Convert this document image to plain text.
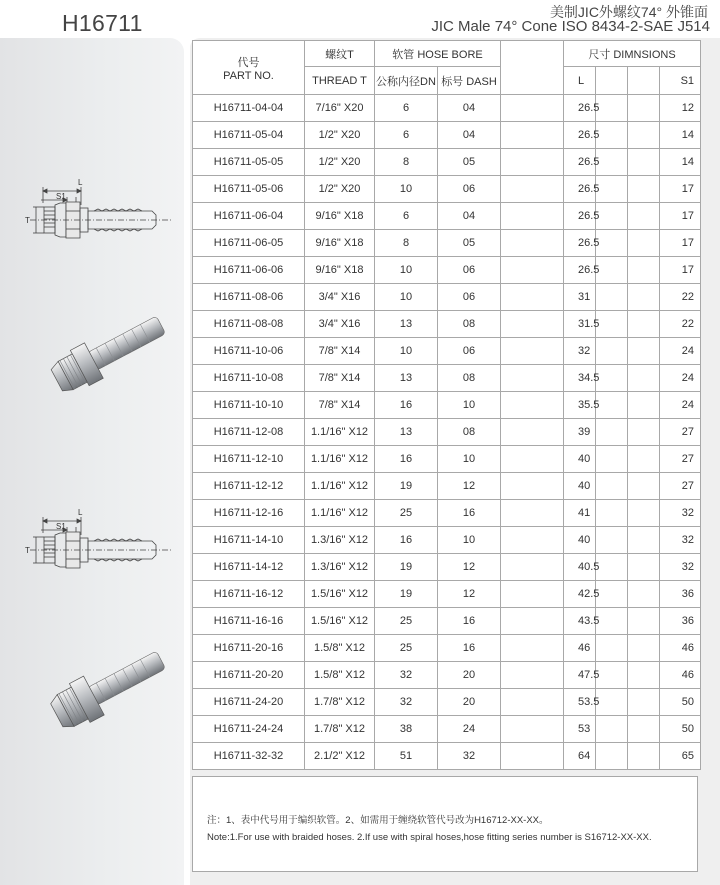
H16711	美制JIC外螺纹74° 外锥面
JIC Male 74° Cone ISO 8434-2-SAE J514
L
S1
T
L
S1
T
代号
PART NO.	螺纹T	软管 HOSE BORE			尺寸 DIMNSIONS			
	THREAD T	公称内径DN	标号 DASH		L			S1
H16711-04-04	7/16" X20	6	04		26.5			12
H16711-05-04	1/2" X20	6	04		26.5			14
H16711-05-05	1/2" X20	8	05		26.5			14
H16711-05-06	1/2" X20	10	06		26.5			17
H16711-06-04	9/16" X18	6	04		26.5			17
H16711-06-05	9/16" X18	8	05		26.5			17
H16711-06-06	9/16" X18	10	06		26.5			17
H16711-08-06	3/4" X16	10	06		31			22
H16711-08-08	3/4" X16	13	08		31.5			22
H16711-10-06	7/8" X14	10	06		32			24
H16711-10-08	7/8" X14	13	08		34.5			24
H16711-10-10	7/8" X14	16	10		35.5			24
H16711-12-08	1.1/16" X12	13	08		39			27
H16711-12-10	1.1/16" X12	16	10		40			27
H16711-12-12	1.1/16" X12	19	12		40			27
H16711-12-16	1.1/16" X12	25	16		41			32
H16711-14-10	1.3/16" X12	16	10		40			32
H16711-14-12	1.3/16" X12	19	12		40.5			32
H16711-16-12	1.5/16" X12	19	12		42.5			36
H16711-16-16	1.5/16" X12	25	16		43.5			36
H16711-20-16	1.5/8" X12	25	16		46			46
H16711-20-20	1.5/8" X12	32	20		47.5			46
H16711-24-20	1.7/8" X12	32	20		53.5			50
H16711-24-24	1.7/8" X12	38	24		53			50
H16711-32-32	2.1/2" X12	51	32		64			65
注：1、表中代号用于编织软管。2、如需用于缠绕软管代号改为H16712-XX-XX。
Note:1.For use with braided hoses. 2.If use with spiral hoses,hose fitting series number is S16712-XX-XX.
